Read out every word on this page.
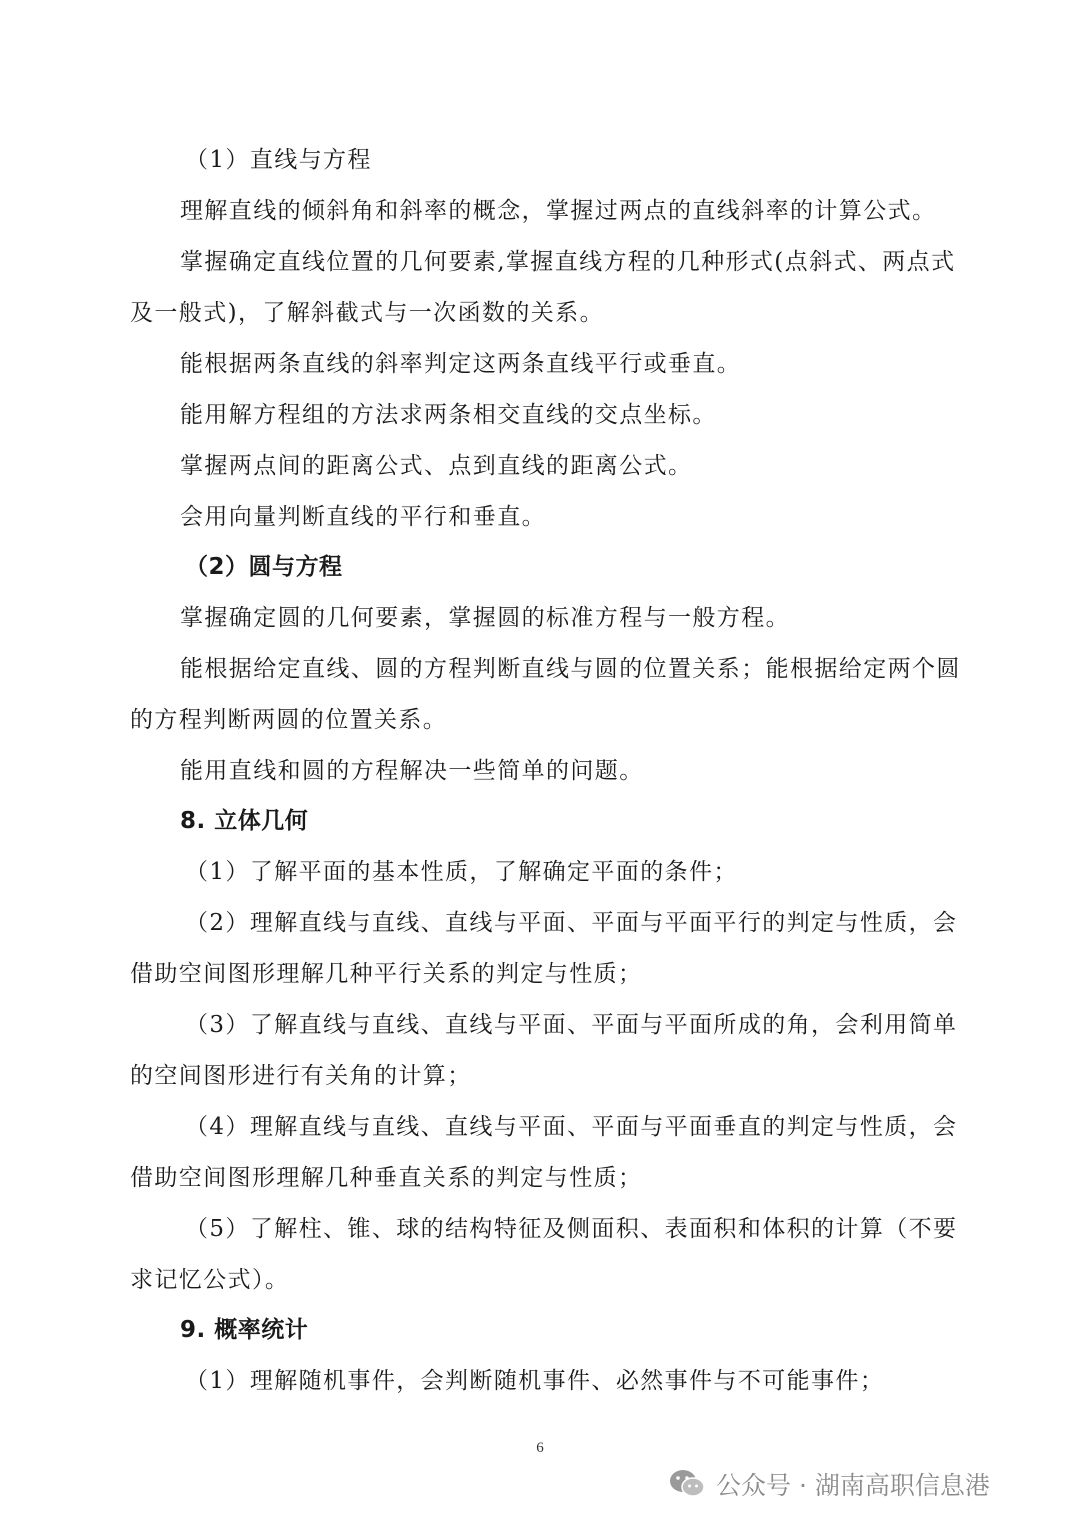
（1）直线与方程
理解直线的倾斜角和斜率的概念，掌握过两点的直线斜率的计算公式。
掌握确定直线位置的几何要素,掌握直线方程的几种形式(点斜式、两点式
及一般式)，了解斜截式与一次函数的关系。
能根据两条直线的斜率判定这两条直线平行或垂直。
能用解方程组的方法求两条相交直线的交点坐标。
掌握两点间的距离公式、点到直线的距离公式。
会用向量判断直线的平行和垂直。
（2）圆与方程
掌握确定圆的几何要素，掌握圆的标准方程与一般方程。
能根据给定直线、圆的方程判断直线与圆的位置关系；能根据给定两个圆
的方程判断两圆的位置关系。
能用直线和圆的方程解决一些简单的问题。
8. 立体几何
（1）了解平面的基本性质，了解确定平面的条件；
（2）理解直线与直线、直线与平面、平面与平面平行的判定与性质，会
借助空间图形理解几种平行关系的判定与性质；
（3）了解直线与直线、直线与平面、平面与平面所成的角，会利用简单
的空间图形进行有关角的计算；
（4）理解直线与直线、直线与平面、平面与平面垂直的判定与性质，会
借助空间图形理解几种垂直关系的判定与性质；
（5）了解柱、锥、球的结构特征及侧面积、表面积和体积的计算（不要
求记忆公式）。
9. 概率统计
（1）理解随机事件，会判断随机事件、必然事件与不可能事件；
6
公众号 · 湖南高职信息港
